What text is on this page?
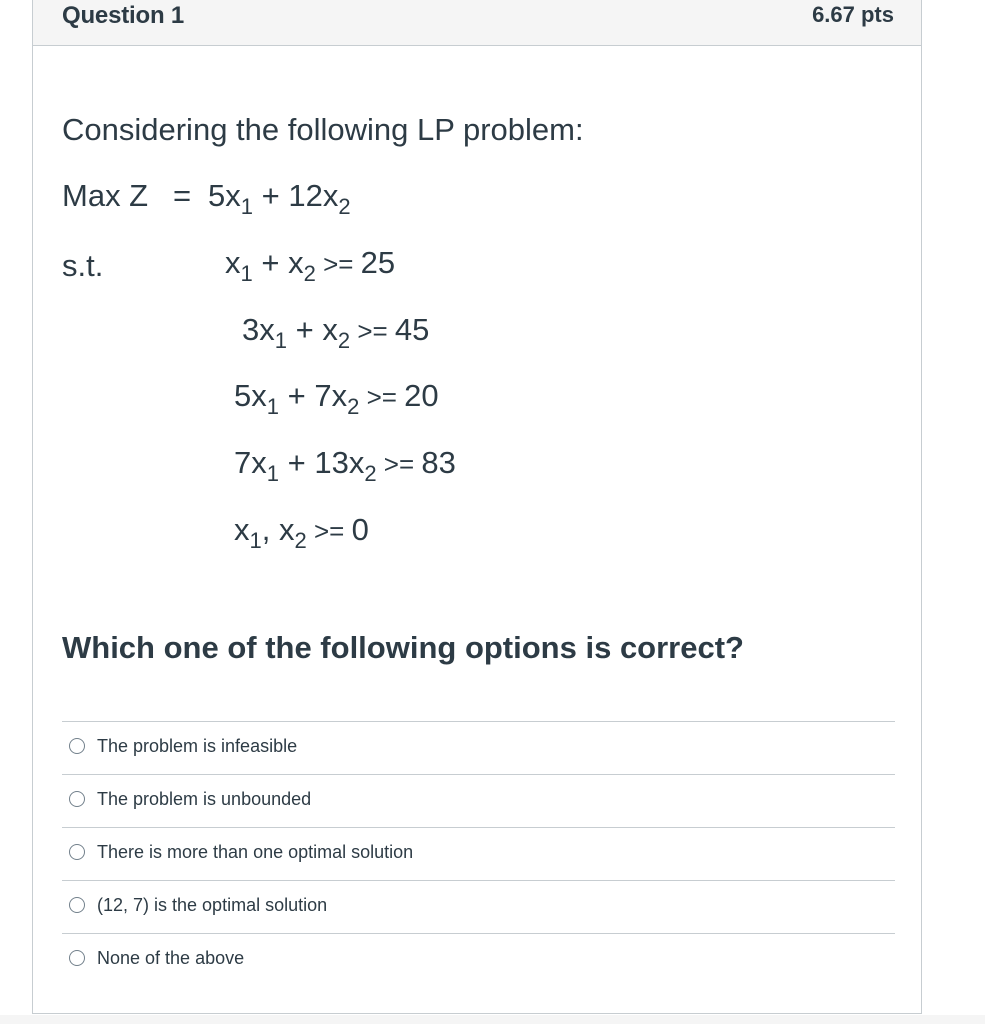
Question 1	6.67 pts
Considering the following LP problem:
Max $Z = 5x_1 + 12x_2$
s.t.	$x_1 + x_2 >= 25$
$3x_1 + x_2 >= 45$
$5x_1 + 7x_2 >= 20$
$7x_1 + 13x_2 >= 83$
$x_1$, $x_2 >= 0$
Which one of the following options is correct?
The problem is infeasible
The problem is unbounded
There is more than one optimal solution
(12, 7) is the optimal solution
None of the above
